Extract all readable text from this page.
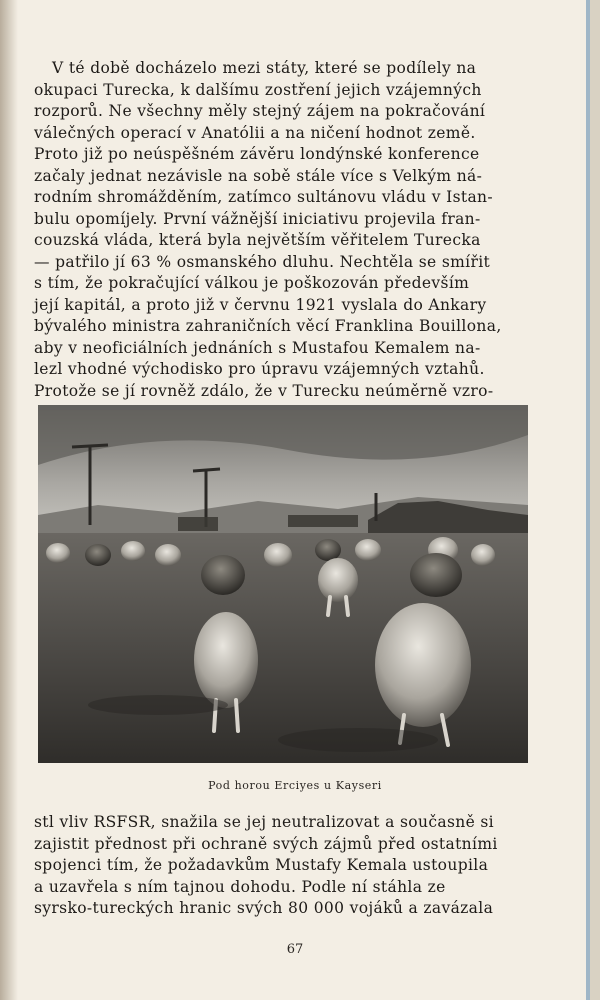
V té době docházelo mezi státy, které se podílely na
okupaci Turecka, k dalšímu zostření jejich vzájemných
rozporů. Ne všechny měly stejný zájem na pokračování
válečných operací v Anatólii a na ničení hodnot země.
Proto již po neúspěšném závěru londýnské konference
začaly jednat nezávisle na sobě stále více s Velkým ná-
rodním shromážděním, zatímco sultánovu vládu v Istan-
bulu opomíjely. První vážnější iniciativu projevila fran-
couzská vláda, která byla největším věřitelem Turecka
— patřilo jí 63 % osmanského dluhu. Nechtěla se smířit
s tím, že pokračující válkou je poškozován především
její kapitál, a proto již v červnu 1921 vyslala do Ankary
bývalého ministra zahraničních věcí Franklina Bouillona,
aby v neoficiálních jednáních s Mustafou Kemalem na-
lezl vhodné východisko pro úpravu vzájemných vztahů.
Protože se jí rovněž zdálo, že v Turecku neúměrně vzro-
Pod horou Erciyes u Kayseri
stl vliv RSFSR, snažila se jej neutralizovat a současně si
zajistit přednost při ochraně svých zájmů před ostatními
spojenci tím, že požadavkům Mustafy Kemala ustoupila
a uzavřela s ním tajnou dohodu. Podle ní stáhla ze
syrsko-tureckých hranic svých 80 000 vojáků a zavázala
67
